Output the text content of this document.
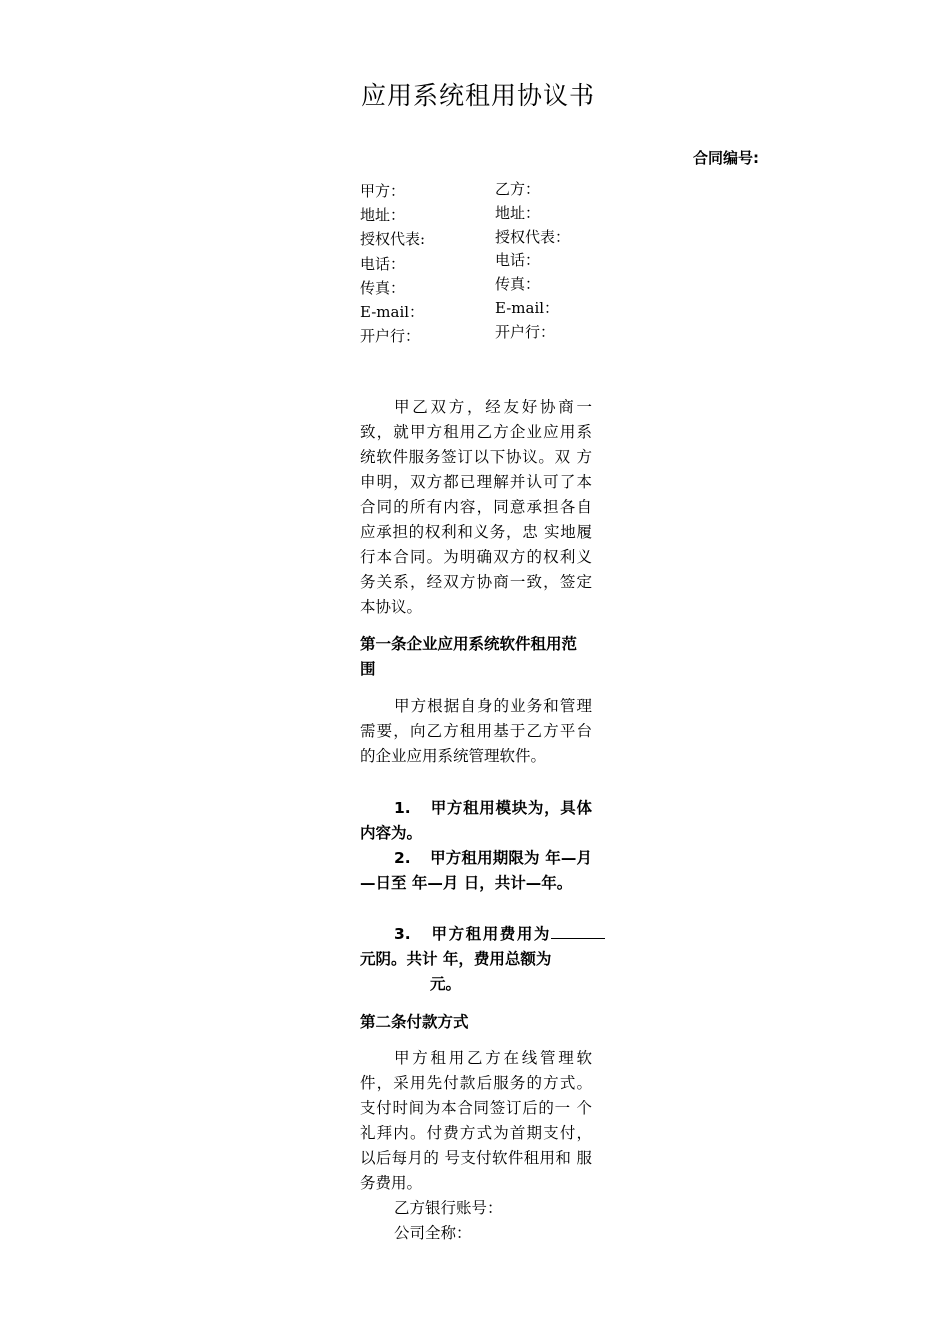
应用系统租用协议书
合同编号:
甲方：
地址：
授权代表:
电话：
传真：
E-mail：
开户行：
乙方：
地址：
授权代表：
电话：
传真：
E-mail：
开户行：
甲乙双方，经友好协商一致，就甲方租用乙方企业应用系统软件服务签订以下协议。双 方申明，双方都已理解并认可了本合同的所有内容，同意承担各自应承担的权利和义务，忠 实地履行本合同。为明确双方的权利义务关系，经双方协商一致，签定本协议。
第一条企业应用系统软件租用范围
甲方根据自身的业务和管理需要，向乙方租用基于乙方平台的企业应用系统管理软件。
1. 甲方租用模块为，具体内容为。
2. 甲方租用期限为 年—月—日至 年—月 日，共计—年。
3. 甲方租用费用为元阴。共计 年，费用总额为
元。
第二条付款方式
甲方租用乙方在线管理软件，采用先付款后服务的方式。支付时间为本合同签订后的一 个礼拜内。付费方式为首期支付，以后每月的 号支付软件租用和 服务费用。
乙方银行账号：
公司全称：
